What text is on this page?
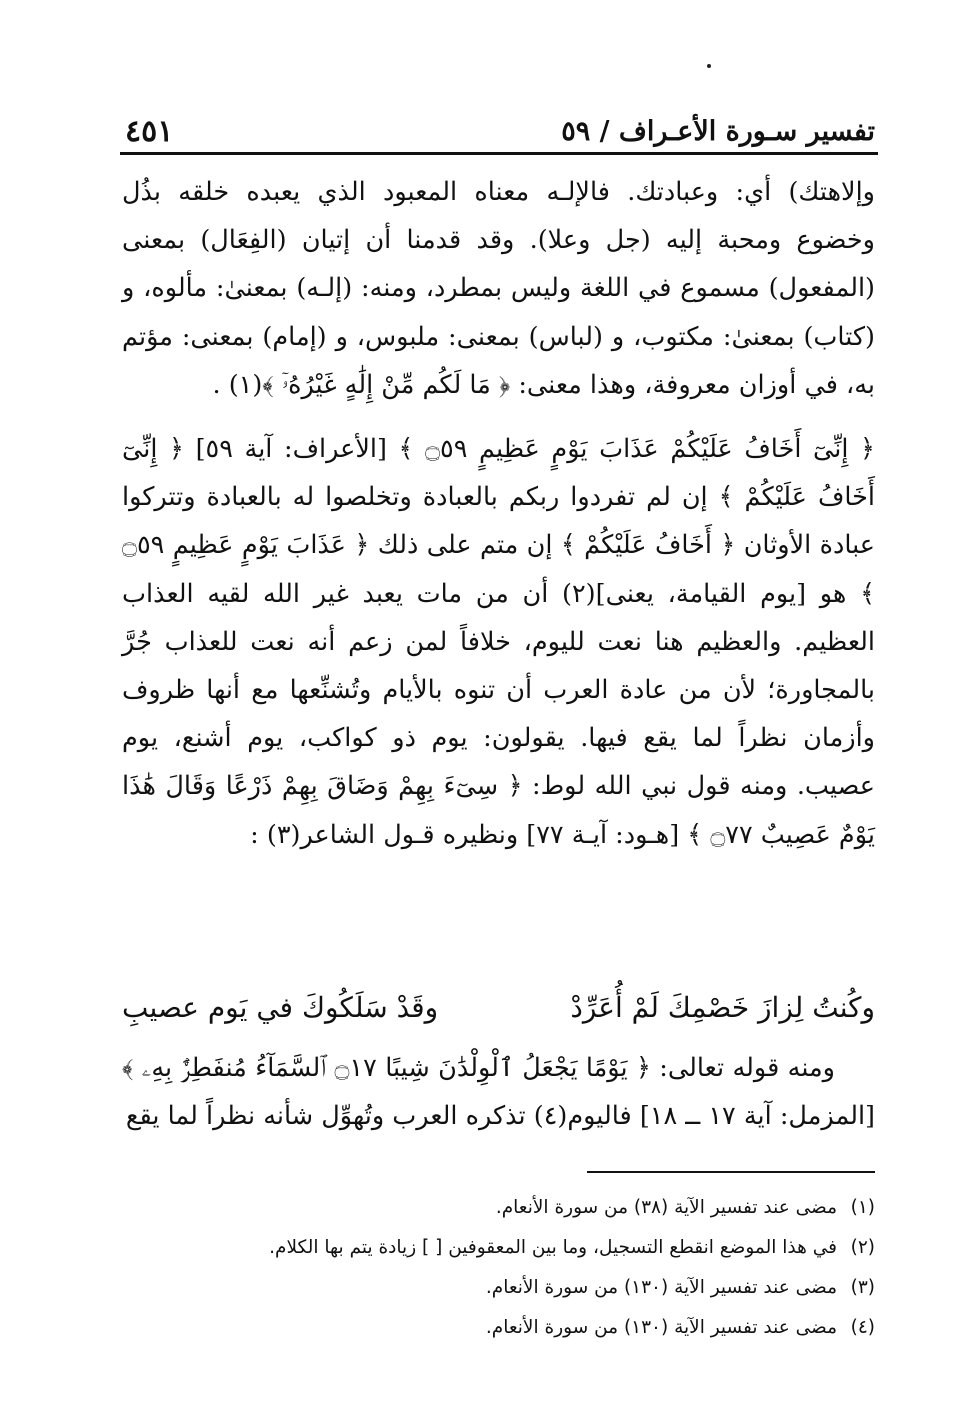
تفسير سـورة الأعـراف / ٥٩
٤٥١

وإلاهتك) أي: وعبادتك. فالإلـه معناه المعبود الذي يعبده خلقه بذُل وخضوع ومحبة إليه (جل وعلا). وقد قدمنا أن إتيان (الفِعَال) بمعنى (المفعول) مسموع في اللغة وليس بمطرد، ومنه: (إلـه) بمعنىٰ: مألوه، و (كتاب) بمعنىٰ: مكتوب، و (لباس) بمعنى: ملبوس، و (إمام) بمعنى: مؤتم به، في أوزان معروفة، وهذا معنى: ﴿ مَا لَكُم مِّنْ إِلَٰهٍ غَيْرُهُۥٓ ﴾(١) .

﴿ إِنِّىٓ أَخَافُ عَلَيْكُمْ عَذَابَ يَوْمٍ عَظِيمٍ ۝٥٩ ﴾ [الأعراف: آية ٥٩] ﴿ إِنِّىٓ أَخَافُ عَلَيْكُمْ ﴾ إن لم تفردوا ربكم بالعبادة وتخلصوا له بالعبادة وتتركوا عبادة الأوثان ﴿ أَخَافُ عَلَيْكُمْ ﴾ إن متم على ذلك ﴿ عَذَابَ يَوْمٍ عَظِيمٍ ۝٥٩ ﴾ هو [يوم القيامة، يعنى](٢) أن من مات يعبد غير الله لقيه العذاب العظيم. والعظيم هنا نعت لليوم، خلافاً لمن زعم أنه نعت للعذاب جُرَّ بالمجاورة؛ لأن من عادة العرب أن تنوه بالأيام وتُشنِّعها مع أنها ظروف وأزمان نظراً لما يقع فيها. يقولون: يوم ذو كواكب، يوم أشنع، يوم عصيب. ومنه قول نبي الله لوط: ﴿ سِىٓءَ بِهِمْ وَضَاقَ بِهِمْ ذَرْعًا وَقَالَ هَٰذَا يَوْمٌ عَصِيبٌ ۝٧٧ ﴾ [هـود: آيـة ٧٧] ونظيره قـول الشاعر(٣) :

وكُنتُ لِزازَ خَصْمِكَ لَمْ أُعَرِّدْ
وقَدْ سَلَكُوكَ في يَوم عصيبِ

ومنه قوله تعالى: ﴿ يَوْمًا يَجْعَلُ ٱلْوِلْدَٰنَ شِيبًا ۝١٧ ٱلسَّمَآءُ مُنفَطِرٌۢ بِهِۦ ﴾ [المزمل: آية ١٧ ــ ١٨] فاليوم(٤) تذكره العرب وتُهوِّل شأنه نظراً لما يقع

(١)مضى عند تفسير الآية (٣٨) من سورة الأنعام.
(٢)في هذا الموضع انقطع التسجيل، وما بين المعقوفين [ ] زيادة يتم بها الكلام.
(٣)مضى عند تفسير الآية (١٣٠) من سورة الأنعام.
(٤)مضى عند تفسير الآية (١٣٠) من سورة الأنعام.
